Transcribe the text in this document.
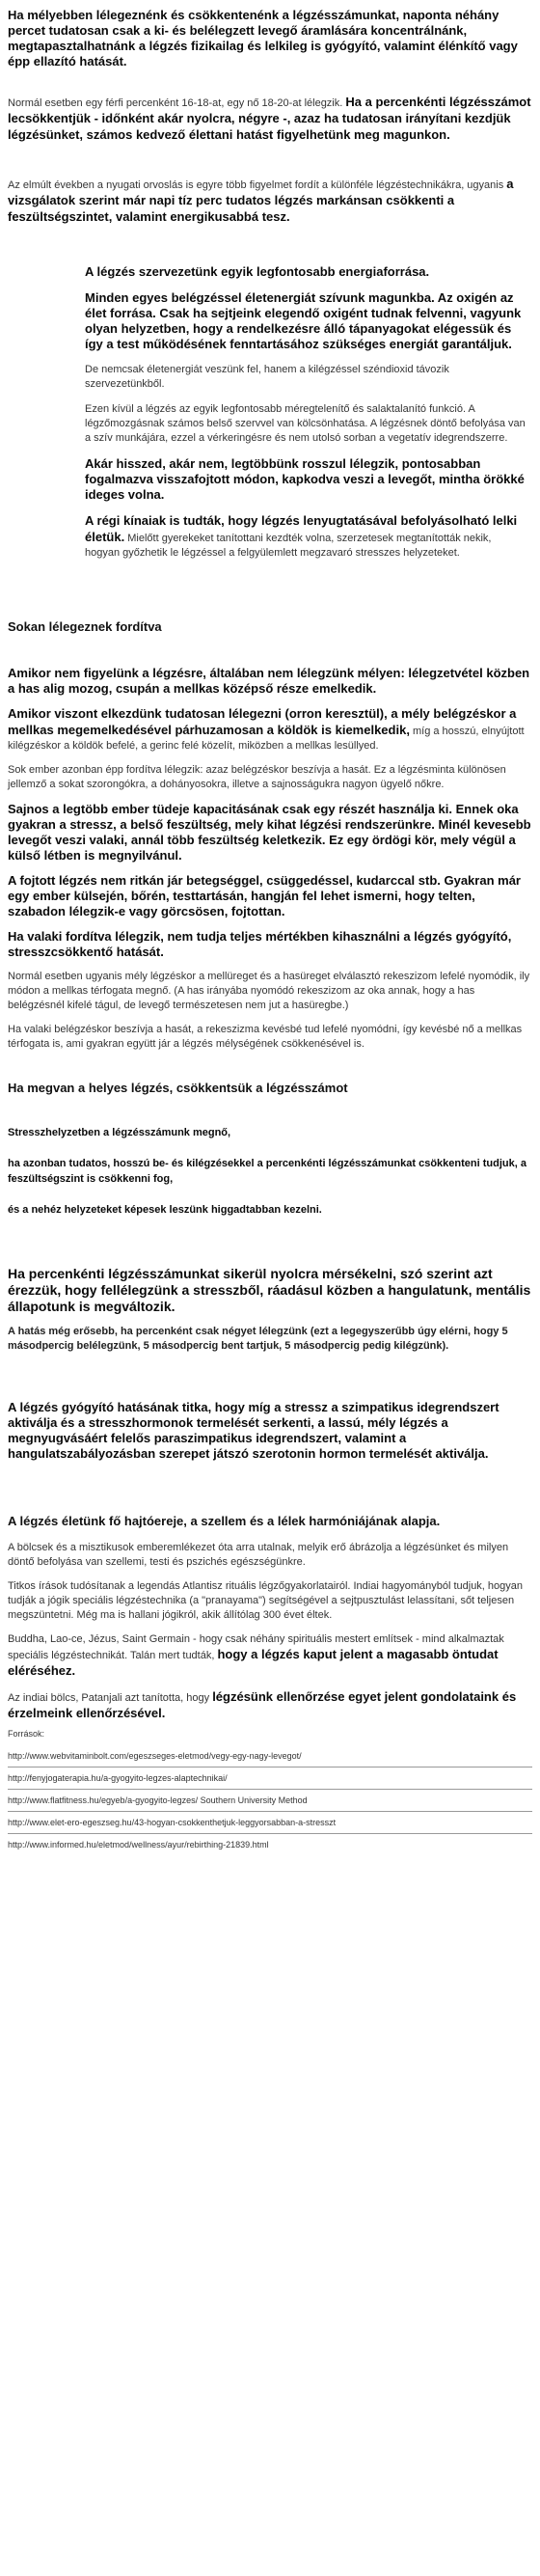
Ha mélyebben lélegeznénk és csökkentenénk a légzésszámunkat, naponta néhány percet tudatosan csak a ki- és belélegzett levegő áramlására koncentrálnánk, megtapasztalhatnánk a légzés fizikailag és lelkileg is gyógyító, valamint élénkítő vagy épp ellazító hatását.

Normál esetben egy férfi percenként 16-18-at, egy nő 18-20-at lélegzik. Ha a percenkénti légzésszámot lecsökkentjük - időnként akár nyolcra, négyre -, azaz ha tudatosan irányítani kezdjük légzésünket, számos kedvező élettani hatást figyelhetünk meg magunkon.

Az elmúlt években a nyugati orvoslás is egyre több figyelmet fordít a különféle légzéstechnikákra, ugyanis a vizsgálatok szerint már napi tíz perc tudatos légzés markánsan csökkenti a feszültségszintet, valamint energikusabbá tesz.

A légzés szervezetünk egyik legfontosabb energiaforrása.

Minden egyes belégzéssel életenergiát szívunk magunkba. Az oxigén az élet forrása. Csak ha sejtjeink elegendő oxigént tudnak felvenni, vagyunk olyan helyzetben, hogy a rendelkezésre álló tápanyagokat elégessük és így a test működésének fenntartásához szükséges energiát garantáljuk.

De nemcsak életenergiát veszünk fel, hanem a kilégzéssel széndioxid távozik szervezetünkből.

Ezen kívül a légzés az egyik legfontosabb méregtelenítő és salaktalanító funkció. A légzőmozgásnak számos belső szervvel van kölcsönhatása. A légzésnek döntő befolyása van a szív munkájára, ezzel a vérkeringésre és nem utolsó sorban a vegetatív idegrendszerre.

Akár hisszed, akár nem, legtöbbünk rosszul lélegzik, pontosabban fogalmazva visszafojtott módon, kapkodva veszi a levegőt, mintha örökké ideges volna.

A régi kínaiak is tudták, hogy légzés lenyugtatásával befolyásolható lelki életük. Mielőtt gyerekeket tanítottani kezdték volna, szerzetesek megtanították nekik, hogyan győzhetik le légzéssel a felgyülemlett megzavaró stresszes helyzeteket.

Sokan lélegeznek fordítva

Amikor nem figyelünk a légzésre, általában nem lélegzünk mélyen: lélegzetvétel közben a has alig mozog, csupán a mellkas középső része emelkedik.

Amikor viszont elkezdünk tudatosan lélegezni (orron keresztül), a mély belégzéskor a mellkas megemelkedésével párhuzamosan a köldök is kiemelkedik, míg a hosszú, elnyújtott kilégzéskor a köldök befelé, a gerinc felé közelít, miközben a mellkas lesüllyed.

Sok ember azonban épp fordítva lélegzik: azaz belégzéskor beszívja a hasát. Ez a légzésminta különösen jellemző a sokat szorongókra, a dohányosokra, illetve a sajnosságukra nagyon ügyelő nőkre.

Sajnos a legtöbb ember tüdeje kapacitásának csak egy részét használja ki. Ennek oka gyakran a stressz, a belső feszültség, mely kihat légzési rendszerünkre. Minél kevesebb levegőt veszi valaki, annál több feszültség keletkezik. Ez egy ördögi kör, mely végül a külső létben is megnyilvánul.

A fojtott légzés nem ritkán jár betegséggel, csüggedéssel, kudarccal stb. Gyakran már egy ember külsején, bőrén, testtartásán, hangján fel lehet ismerni, hogy telten, szabadon lélegzik-e vagy görcsösen, fojtottan.

Ha valaki fordítva lélegzik, nem tudja teljes mértékben kihasználni a légzés gyógyító, stresszcsökkentő hatását.

Normál esetben ugyanis mély légzéskor a mellüreget és a hasüreget elválasztó rekeszizom lefelé nyomódik, ily módon a mellkas térfogata megnő. (A has irányába nyomódó rekeszizom az oka annak, hogy a has belégzésnél kifelé tágul, de levegő természetesen nem jut a hasüregbe.)

Ha valaki belégzéskor beszívja a hasát, a rekeszizma kevésbé tud lefelé nyomódni, így kevésbé nő a mellkas térfogata is, ami gyakran együtt jár a légzés mélységének csökkenésével is.

Ha megvan a helyes légzés, csökkentsük a légzésszámot

Stresszhelyzetben a légzésszámunk megnő,

ha azonban tudatos, hosszú be- és kilégzésekkel a percenkénti légzésszámunkat csökkenteni tudjuk, a feszültségszint is csökkenni fog,

és a nehéz helyzeteket képesek leszünk higgadtabban kezelni.

Ha percenkénti légzésszámunkat sikerül nyolcra mérsékelni, szó szerint azt érezzük, hogy fellélegzünk a stresszből, ráadásul közben a hangulatunk, mentális állapotunk is megváltozik.

A hatás még erősebb, ha percenként csak négyet lélegzünk (ezt a legegyszerűbb úgy elérni, hogy 5 másodpercig belélegzünk, 5 másodpercig bent tartjuk, 5 másodpercig pedig kilégzünk).

A légzés gyógyító hatásának titka, hogy míg a stressz a szimpatikus idegrendszert aktiválja és a stresszhormonok termelését serkenti, a lassú, mély légzés a megnyugvásáért felelős paraszimpatikus idegrendszert, valamint a hangulatszabályozásban szerepet játszó szerotonin hormon termelését aktiválja.

A légzés életünk fő hajtóereje, a szellem és a lélek harmóniájának alapja.

A bölcsek és a misztikusok emberemlékezet óta arra utalnak, melyik erő ábrázolja a légzésünket és milyen döntő befolyása van szellemi, testi és pszichés egészségünkre.

Titkos írások tudósítanak a legendás Atlantisz rituális légzőgyakorlatairól. Indiai hagyományból tudjuk, hogyan tudják a jógik speciális légzéstechnika (a "pranayama") segítségével a sejtpusztulást lelassítani, sőt teljesen megszüntetni. Még ma is hallani jógikról, akik állítólag 300 évet éltek.

Buddha, Lao-ce, Jézus, Saint Germain - hogy csak néhány spirituális mestert említsek - mind alkalmaztak speciális légzéstechnikát. Talán mert tudták, hogy a légzés kaput jelent a magasabb öntudat eléréséhez.

Az indiai bölcs, Patanjali azt tanította, hogy légzésünk ellenőrzése egyet jelent gondolataink és érzelmeink ellenőrzésével.

Források:

http://www.webvitaminbolt.com/egeszseges-eletmod/vegy-egy-nagy-levegot/

http://fenyjogaterapia.hu/a-gyogyito-legzes-alaptechnikai/

http://www.flatfitness.hu/egyeb/a-gyogyito-legzes/ Southern University Method

http://www.elet-ero-egeszseg.hu/43-hogyan-csokkenthetjuk-leggyorsabban-a-stresszt

http://www.informed.hu/eletmod/wellness/ayur/rebirthing-21839.html
